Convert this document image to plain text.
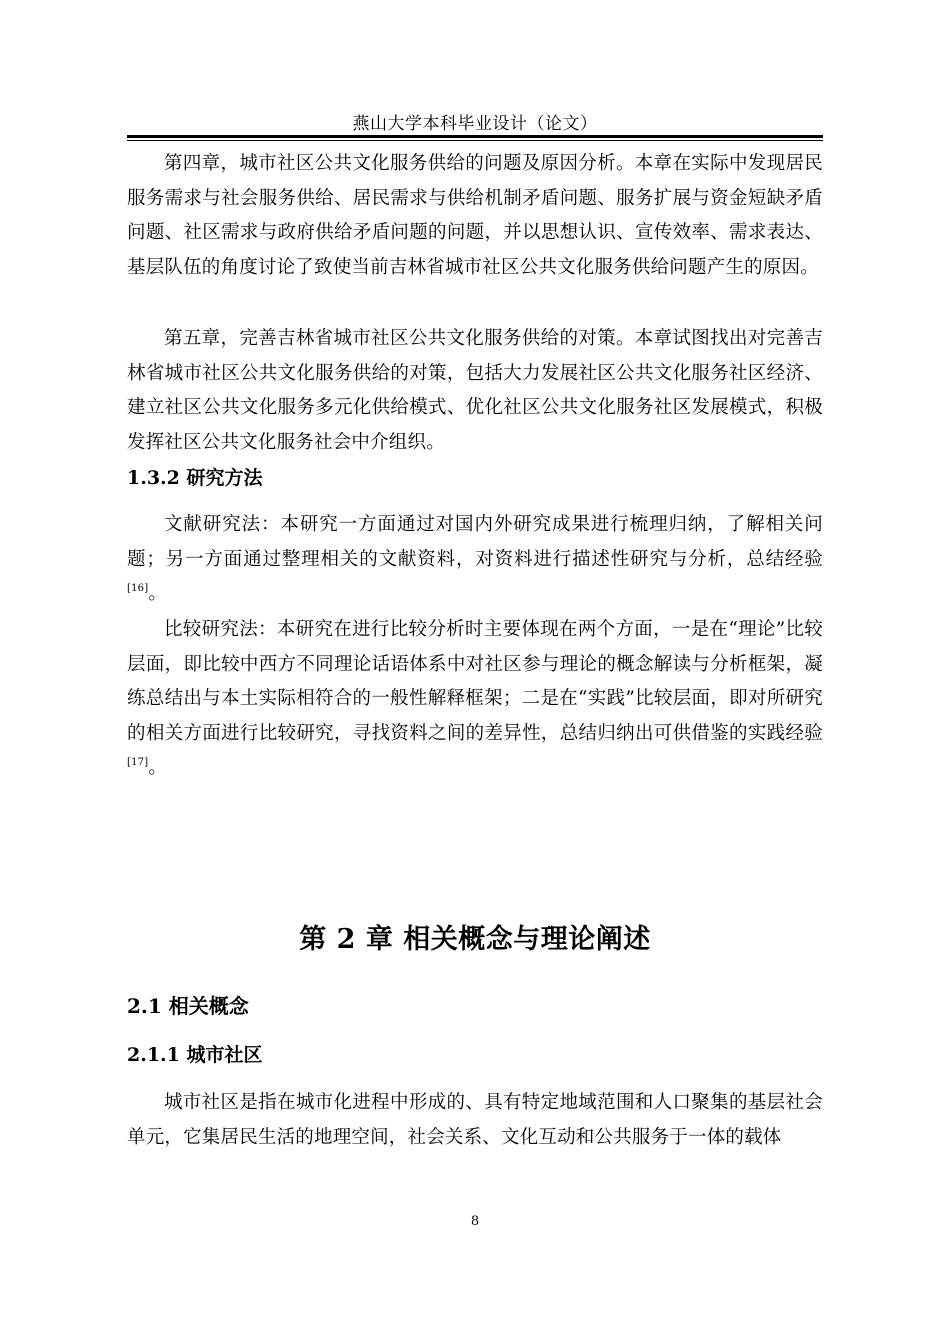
燕山大学本科毕业设计（论文）

第四章，城市社区公共文化服务供给的问题及原因分析。本章在实际中发现居民服务需求与社会服务供给、居民需求与供给机制矛盾问题、服务扩展与资金短缺矛盾问题、社区需求与政府供给矛盾问题的问题，并以思想认识、宣传效率、需求表达、基层队伍的角度讨论了致使当前吉林省城市社区公共文化服务供给问题产生的原因。

第五章，完善吉林省城市社区公共文化服务供给的对策。本章试图找出对完善吉林省城市社区公共文化服务供给的对策，包括大力发展社区公共文化服务社区经济、建立社区公共文化服务多元化供给模式、优化社区公共文化服务社区发展模式，积极发挥社区公共文化服务社会中介组织。

1.3.2 研究方法

文献研究法：本研究一方面通过对国内外研究成果进行梳理归纳，了解相关问题；另一方面通过整理相关的文献资料，对资料进行描述性研究与分析，总结经验[16]。

比较研究法：本研究在进行比较分析时主要体现在两个方面，一是在“理论”比较层面，即比较中西方不同理论话语体系中对社区参与理论的概念解读与分析框架，凝练总结出与本土实际相符合的一般性解释框架；二是在“实践”比较层面，即对所研究的相关方面进行比较研究，寻找资料之间的差异性，总结归纳出可供借鉴的实践经验[17]。

第 2 章 相关概念与理论阐述
2.1 相关概念
2.1.1 城市社区

城市社区是指在城市化进程中形成的、具有特定地域范围和人口聚集的基层社会单元，它集居民生活的地理空间，社会关系、文化互动和公共服务于一体的载体

8
